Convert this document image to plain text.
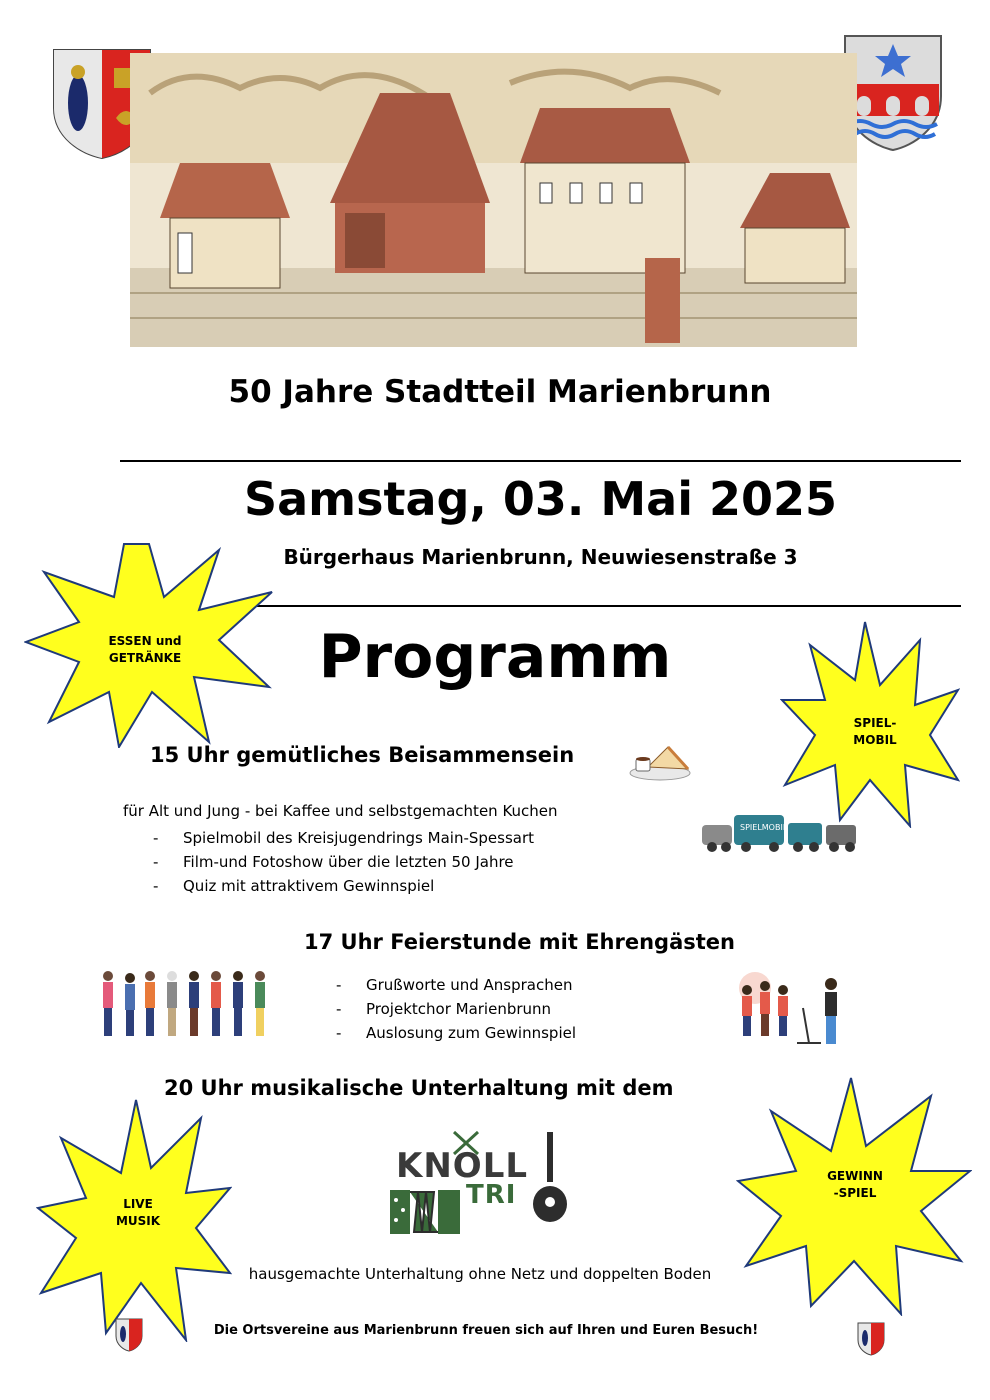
50 Jahre Stadtteil Marienbrunn
Samstag, 03. Mai 2025
Bürgerhaus Marienbrunn, Neuwiesenstraße 3
Programm
ESSEN und
GETRÄNKE
SPIEL-
MOBIL
LIVE
MUSIK
GEWINN
-SPIEL
15 Uhr gemütliches Beisammensein
für Alt und Jung - bei Kaffee und selbstgemachten Kuchen
- Spielmobil des Kreisjugendrings Main-Spessart
- Film-und Fotoshow über die letzten 50 Jahre
- Quiz mit attraktivem Gewinnspiel
SPIELMOBIL
17 Uhr Feierstunde mit Ehrengästen
- Grußworte und Ansprachen
- Projektchor Marienbrunn
- Auslosung zum Gewinnspiel
20 Uhr musikalische Unterhaltung mit dem
KNOLL
TRI
hausgemachte Unterhaltung ohne Netz und doppelten Boden
Die Ortsvereine aus Marienbrunn freuen sich auf Ihren und Euren Besuch!
